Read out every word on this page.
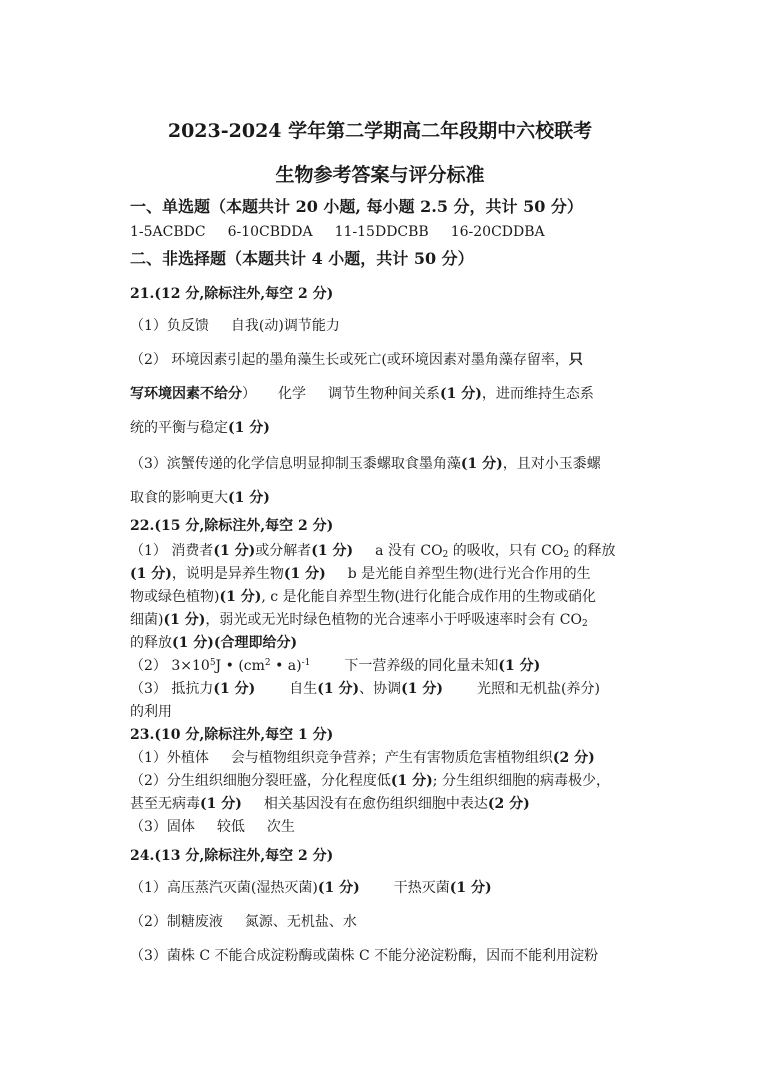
2023-2024 学年第二学期高二年段期中六校联考
生物参考答案与评分标准
一、单选题（本题共计 20 小题, 每小题 2.5 分，共计 50 分）
1-5ACBDC 6-10CBDDA 11-15DDCBB 16-20CDDBA
二、非选择题（本题共计 4 小题，共计 50 分）
21.(12 分,除标注外,每空 2 分)
（1）负反馈 自我(动)调节能力
（2） 环境因素引起的墨角藻生长或死亡(或环境因素对墨角藻存留率，只
写环境因素不给分） 化学 调节生物种间关系(1 分)，进而维持生态系
统的平衡与稳定(1 分)
（3）滨蟹传递的化学信息明显抑制玉黍螺取食墨角藻(1 分)，且对小玉黍螺
取食的影响更大(1 分)
22.(15 分,除标注外,每空 2 分)
（1） 消费者(1 分)或分解者(1 分) a 没有 $CO_2$ 的吸收，只有 $CO_2$ 的释放
(1 分)，说明是异养生物(1 分) b 是光能自养型生物(进行光合作用的生
物或绿色植物)(1 分), c 是化能自养型生物(进行化能合成作用的生物或硝化
细菌)(1 分)，弱光或无光时绿色植物的光合速率小于呼吸速率时会有 $CO_2$
的释放(1 分)(合理即给分)
（2） $3\times 10^5J$ • ($cm^2$ • a)$^{-1}$ 下一营养级的同化量未知(1 分)
（3） 抵抗力(1 分) 自生(1 分)、协调(1 分) 光照和无机盐(养分)
的利用
23.(10 分,除标注外,每空 1 分)
（1）外植体 会与植物组织竞争营养；产生有害物质危害植物组织(2 分)
（2）分生组织细胞分裂旺盛，分化程度低(1 分); 分生组织细胞的病毒极少，
甚至无病毒(1 分) 相关基因没有在愈伤组织细胞中表达(2 分)
（3）固体 较低 次生
24.(13 分,除标注外,每空 2 分)
（1）高压蒸汽灭菌(湿热灭菌)(1 分) 干热灭菌(1 分)
（2）制糖废液 氮源、无机盐、水
（3）菌株 C 不能合成淀粉酶或菌株 C 不能分泌淀粉酶，因而不能利用淀粉
